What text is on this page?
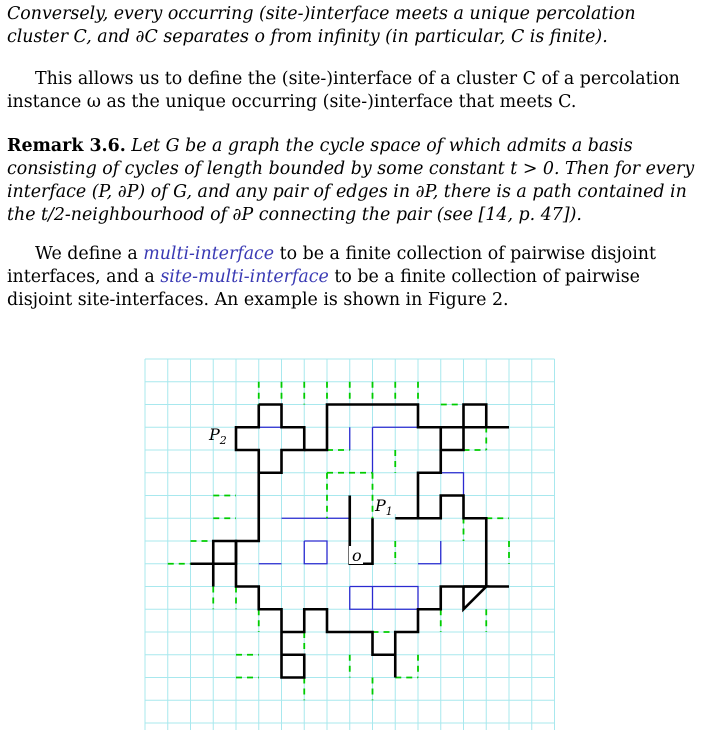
Conversely, every occurring (site-)interface meets a unique percolation cluster C, and ∂C separates o from infinity (in particular, C is finite).

This allows us to define the (site-)interface of a cluster C of a percolation instance ω as the unique occurring (site-)interface that meets C.

Remark 3.6. Let G be a graph the cycle space of which admits a basis consisting of cycles of length bounded by some constant t > 0. Then for every interface (P, ∂P) of G, and any pair of edges in ∂P, there is a path contained in the t/2-neighbourhood of ∂P connecting the pair (see [14, p. 47]).

We define a multi-interface to be a finite collection of pairwise disjoint interfaces, and a site-multi-interface to be a finite collection of pairwise disjoint site-interfaces. An example is shown in Figure 2.

$P_2$
$P_1$
o
